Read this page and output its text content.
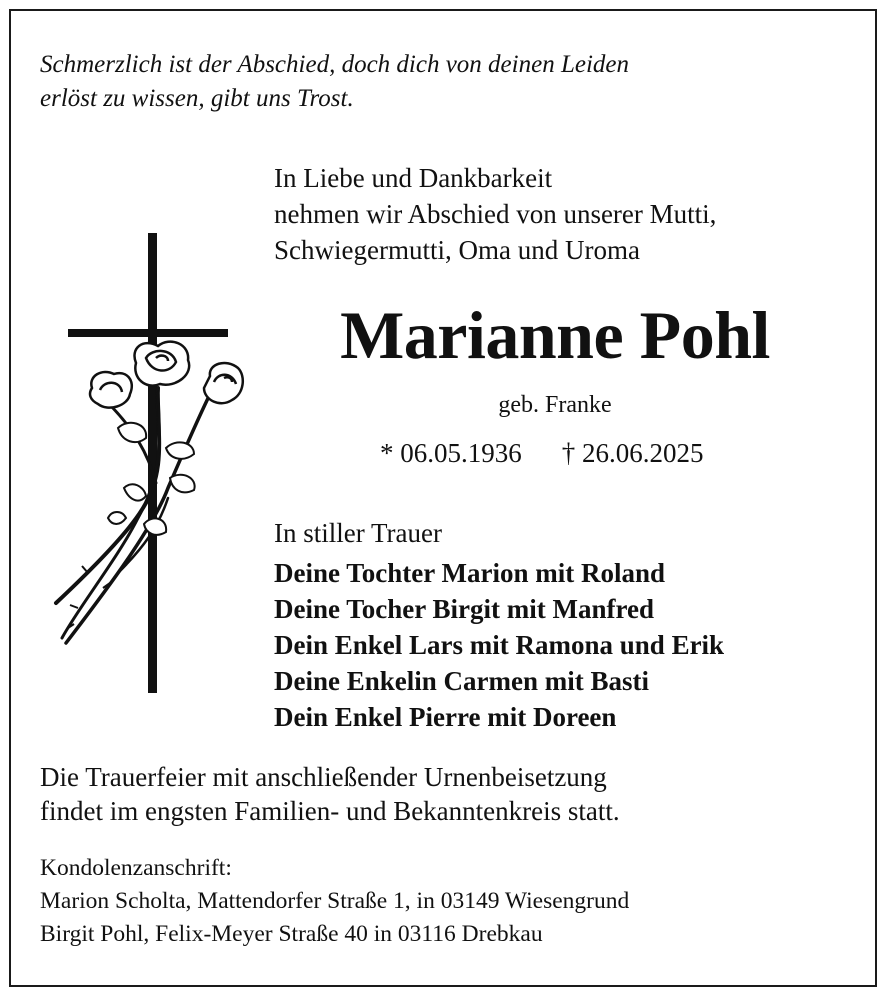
Schmerzlich ist der Abschied, doch dich von deinen Leiden
erlöst zu wissen, gibt uns Trost.
In Liebe und Dankbarkeit
nehmen wir Abschied von unserer Mutti,
Schwiegermutti, Oma und Uroma
Marianne Pohl
geb. Franke
* 06.05.1936 † 26.06.2025
In stiller Trauer
Deine Tochter Marion mit Roland
Deine Tocher Birgit mit Manfred
Dein Enkel Lars mit Ramona und Erik
Deine Enkelin Carmen mit Basti
Dein Enkel Pierre mit Doreen
Die Trauerfeier mit anschließender Urnenbeisetzung
findet im engsten Familien- und Bekanntenkreis statt.
Kondolenzanschrift:
Marion Scholta, Mattendorfer Straße 1, in 03149 Wiesengrund
Birgit Pohl, Felix-Meyer Straße 40 in 03116 Drebkau
